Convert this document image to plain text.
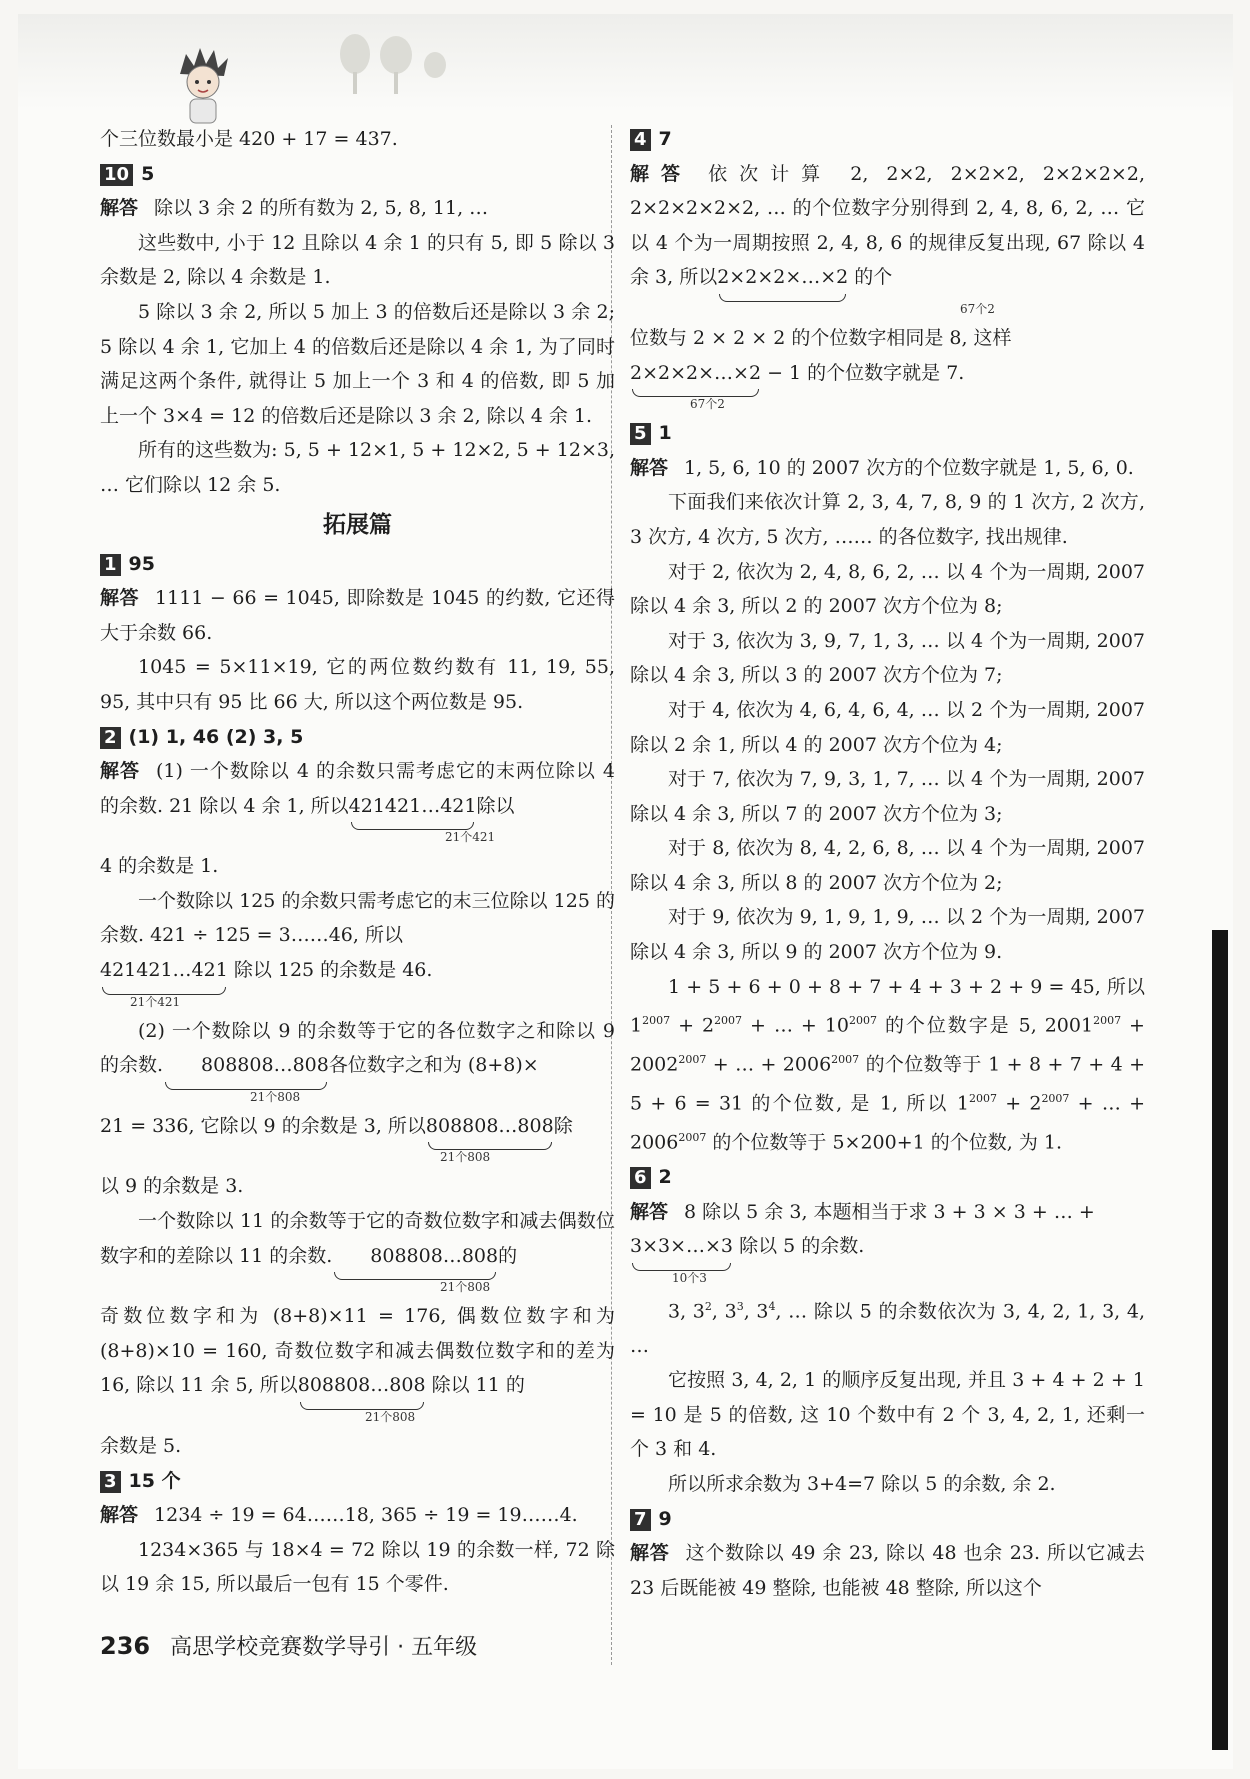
个三位数最小是 420 + 17 = 437.

10 5

解答 除以 3 余 2 的所有数为 2, 5, 8, 11, …

这些数中, 小于 12 且除以 4 余 1 的只有 5, 即 5 除以 3 余数是 2, 除以 4 余数是 1.

5 除以 3 余 2, 所以 5 加上 3 的倍数后还是除以 3 余 2; 5 除以 4 余 1, 它加上 4 的倍数后还是除以 4 余 1, 为了同时满足这两个条件, 就得让 5 加上一个 3 和 4 的倍数, 即 5 加上一个 3×4 = 12 的倍数后还是除以 3 余 2, 除以 4 余 1.

所有的这些数为: 5, 5 + 12×1, 5 + 12×2, 5 + 12×3, … 它们除以 12 余 5.

拓展篇

1 95

解答 1111 − 66 = 1045, 即除数是 1045 的约数, 它还得大于余数 66.

1045 = 5×11×19, 它的两位数约数有 11, 19, 55, 95, 其中只有 95 比 66 大, 所以这个两位数是 95.

2 (1) 1, 46 (2) 3, 5

解答 (1) 一个数除以 4 的余数只需考虑它的末两位除以 4 的余数. 21 除以 4 余 1, 所以421421…421除以

21个421

4 的余数是 1.

一个数除以 125 的余数只需考虑它的末三位除以 125 的余数. 421 ÷ 125 = 3……46, 所以

421421…421 除以 125 的余数是 46.

21个421

(2) 一个数除以 9 的余数等于它的各位数字之和除以 9 的余数. 808808…808各位数字之和为 (8+8)×

21个808

21 = 336, 它除以 9 的余数是 3, 所以808808…808除

21个808

以 9 的余数是 3.

一个数除以 11 的余数等于它的奇数位数字和减去偶数位数字和的差除以 11 的余数. 808808…808的

21个808

奇数位数字和为 (8+8)×11 = 176, 偶数位数字和为 (8+8)×10 = 160, 奇数位数字和减去偶数位数字和的差为 16, 除以 11 余 5, 所以808808…808 除以 11 的

21个808

余数是 5.

3 15 个

解答 1234 ÷ 19 = 64……18, 365 ÷ 19 = 19……4.

1234×365 与 18×4 = 72 除以 19 的余数一样, 72 除以 19 余 15, 所以最后一包有 15 个零件.

4 7

解答 依次计算 2, 2×2, 2×2×2, 2×2×2×2, 2×2×2×2×2, … 的个位数字分别得到 2, 4, 8, 6, 2, … 它以 4 个为一周期按照 2, 4, 8, 6 的规律反复出现, 67 除以 4 余 3, 所以2×2×2×…×2 的个

67个2

位数与 2 × 2 × 2 的个位数字相同是 8, 这样

2×2×2×…×2 − 1 的个位数字就是 7.

67个2

5 1

解答 1, 5, 6, 10 的 2007 次方的个位数字就是 1, 5, 6, 0.

下面我们来依次计算 2, 3, 4, 7, 8, 9 的 1 次方, 2 次方, 3 次方, 4 次方, 5 次方, …… 的各位数字, 找出规律.

对于 2, 依次为 2, 4, 8, 6, 2, … 以 4 个为一周期, 2007 除以 4 余 3, 所以 2 的 2007 次方个位为 8;

对于 3, 依次为 3, 9, 7, 1, 3, … 以 4 个为一周期, 2007 除以 4 余 3, 所以 3 的 2007 次方个位为 7;

对于 4, 依次为 4, 6, 4, 6, 4, … 以 2 个为一周期, 2007 除以 2 余 1, 所以 4 的 2007 次方个位为 4;

对于 7, 依次为 7, 9, 3, 1, 7, … 以 4 个为一周期, 2007 除以 4 余 3, 所以 7 的 2007 次方个位为 3;

对于 8, 依次为 8, 4, 2, 6, 8, … 以 4 个为一周期, 2007 除以 4 余 3, 所以 8 的 2007 次方个位为 2;

对于 9, 依次为 9, 1, 9, 1, 9, … 以 2 个为一周期, 2007 除以 4 余 3, 所以 9 的 2007 次方个位为 9.

1 + 5 + 6 + 0 + 8 + 7 + 4 + 3 + 2 + 9 = 45, 所以 $1^{2007} + 2^{2007}$ + … + $10^{2007}$ 的个位数字是 5, $2001^{2007} + 2002^{2007}$ + … + $2006^{2007}$ 的个位数等于 1 + 8 + 7 + 4 + 5 + 6 = 31 的个位数, 是 1, 所以 $1^{2007} + 2^{2007}$ + … + $2006^{2007}$ 的个位数等于 5×200+1 的个位数, 为 1.

6 2

解答 8 除以 5 余 3, 本题相当于求 3 + 3 × 3 + … +

3×3×…×3 除以 5 的余数.

10个3

3, $3^2$, $3^3$, $3^4$, … 除以 5 的余数依次为 3, 4, 2, 1, 3, 4, …

它按照 3, 4, 2, 1 的顺序反复出现, 并且 3 + 4 + 2 + 1 = 10 是 5 的倍数, 这 10 个数中有 2 个 3, 4, 2, 1, 还剩一个 3 和 4.

所以所求余数为 3+4=7 除以 5 的余数, 余 2.

7 9

解答 这个数除以 49 余 23, 除以 48 也余 23. 所以它减去 23 后既能被 49 整除, 也能被 48 整除, 所以这个

236 高思学校竞赛数学导引 · 五年级
